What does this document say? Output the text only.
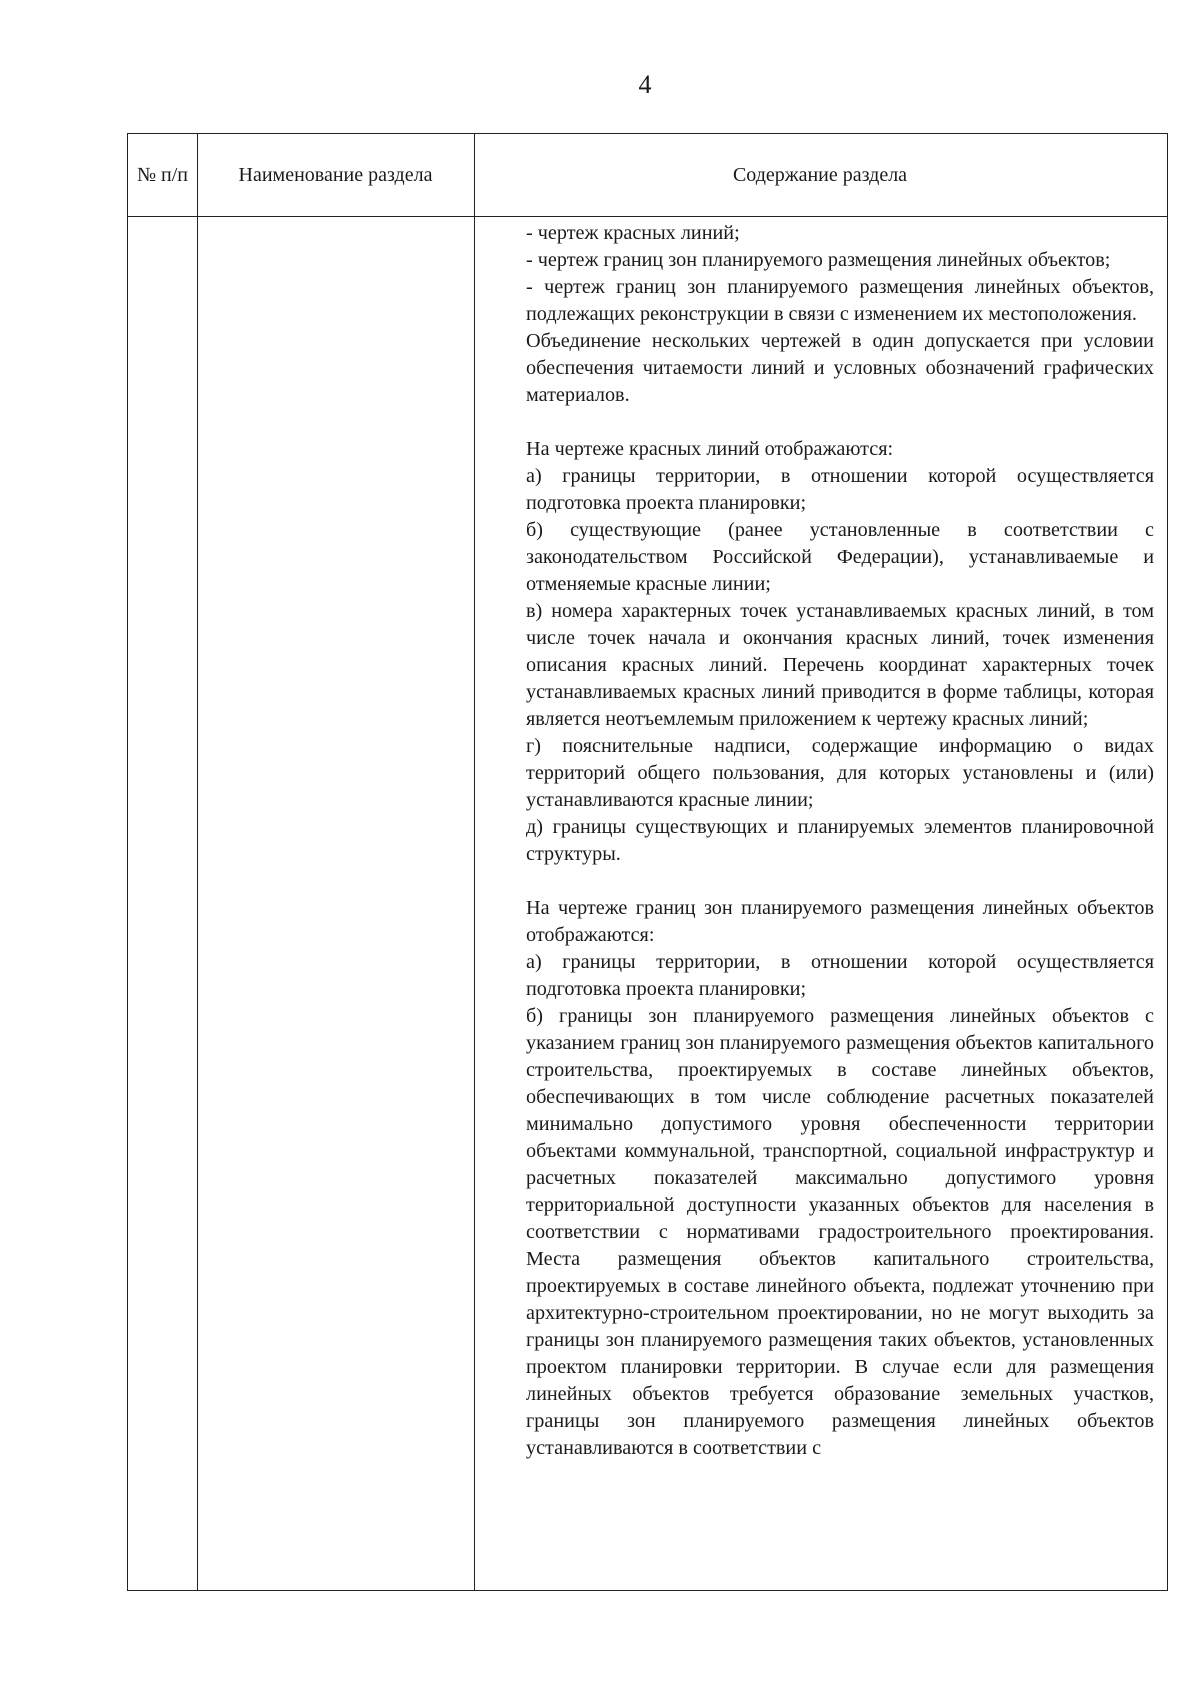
4
№ п/п	Наименование раздела	Содержание раздела
- чертеж красных линий;
- чертеж границ зон планируемого размещения линейных объектов;
- чертеж границ зон планируемого размещения линейных объектов, подлежащих реконструкции в связи с изменением их местоположения.
Объединение нескольких чертежей в один допускается при условии обеспечения читаемости линий и условных обозначений графических материалов.
На чертеже красных линий отображаются:
а) границы территории, в отношении которой осуществляется подготовка проекта планировки;
б) существующие (ранее установленные в соответствии с законодательством Российской Федерации), устанавливаемые и отменяемые красные линии;
в) номера характерных точек устанавливаемых красных линий, в том числе точек начала и окончания красных линий, точек изменения описания красных линий. Перечень координат характерных точек устанавливаемых красных линий приводится в форме таблицы, которая является неотъемлемым приложением к чертежу красных линий;
г) пояснительные надписи, содержащие информацию о видах территорий общего пользования, для которых установлены и (или) устанавливаются красные линии;
д) границы существующих и планируемых элементов планировочной структуры.
На чертеже границ зон планируемого размещения линейных объектов отображаются:
а) границы территории, в отношении которой осуществляется подготовка проекта планировки;
б) границы зон планируемого размещения линейных объектов с указанием границ зон планируемого размещения объектов капитального строительства, проектируемых в составе линейных объектов, обеспечивающих в том числе соблюдение расчетных показателей минимально допустимого уровня обеспеченности территории объектами коммунальной, транспортной, социальной инфраструктур и расчетных показателей максимально допустимого уровня территориальной доступности указанных объектов для населения в соответствии с нормативами градостроительного проектирования. Места размещения объектов капитального строительства, проектируемых в составе линейного объекта, подлежат уточнению при архитектурно-строительном проектировании, но не могут выходить за границы зон планируемого размещения таких объектов, установленных проектом планировки территории. В случае если для размещения линейных объектов требуется образование земельных участков, границы зон планируемого размещения линейных объектов устанавливаются в соответствии с
